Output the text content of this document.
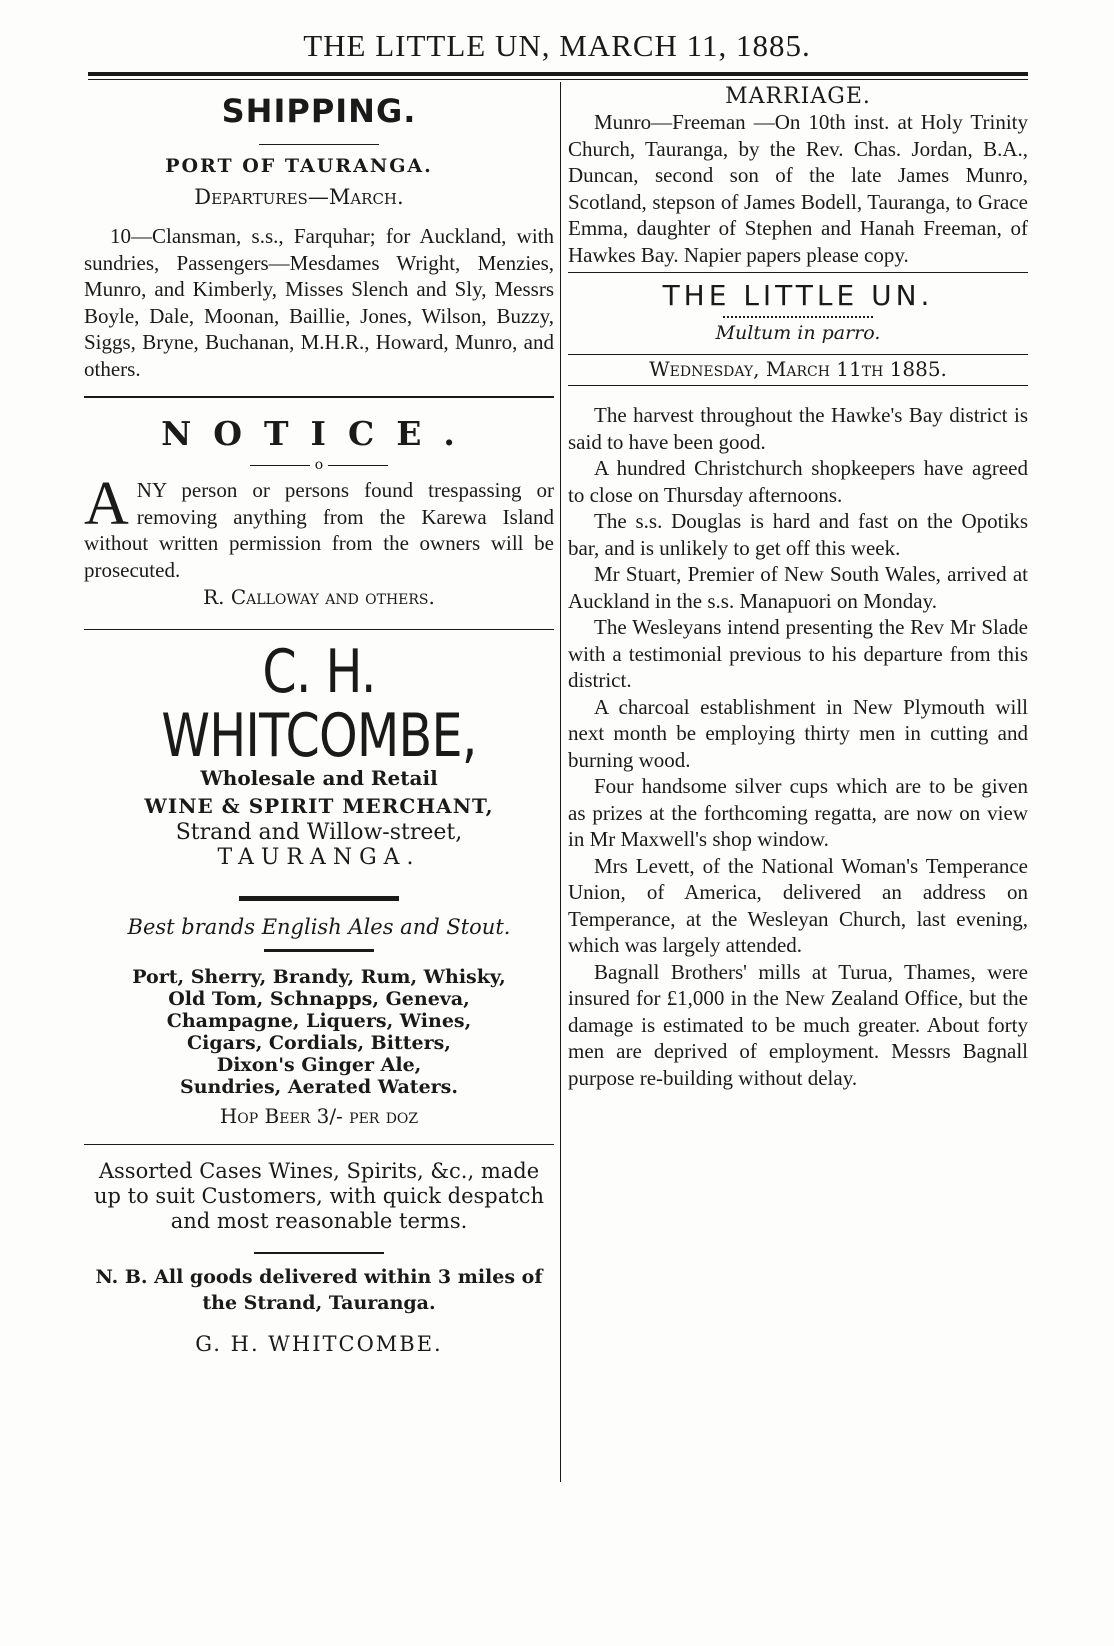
THE LITTLE UN, MARCH 11, 1885.
SHIPPING.
PORT OF TAURANGA.
Departures—March.
10—Clansman, s.s., Farquhar; for Auckland, with sundries, Passengers—Mesdames Wright, Menzies, Munro, and Kimberly, Misses Slench and Sly, Messrs Boyle, Dale, Moonan, Baillie, Jones, Wilson, Buzzy, Siggs, Bryne, Buchanan, M.H.R., Howard, Munro, and others.
NOTICE.
o
ANY person or persons found trespassing or removing anything from the Karewa Island without written permission from the owners will be prosecuted.
R. Calloway and others.
C. H. WHITCOMBE,
Wholesale and Retail
WINE & SPIRIT MERCHANT,
Strand and Willow-street,
TAURANGA.
Best brands English Ales and Stout.
Port, Sherry, Brandy, Rum, Whisky,
Old Tom, Schnapps, Geneva,
Champagne, Liquers, Wines,
Cigars, Cordials, Bitters,
Dixon's Ginger Ale,
Sundries, Aerated Waters.
Hop Beer 3/- per doz
Assorted Cases Wines, Spirits, &c., made up to suit Customers, with quick despatch and most reasonable terms.
N. B. All goods delivered within 3 miles of the Strand, Tauranga.
G. H. WHITCOMBE.
MARRIAGE.
Munro—Freeman —On 10th inst. at Holy Trinity Church, Tauranga, by the Rev. Chas. Jordan, B.A., Duncan, second son of the late James Munro, Scotland, stepson of James Bodell, Tauranga, to Grace Emma, daughter of Stephen and Hanah Freeman, of Hawkes Bay. Napier papers please copy.
THE LITTLE UN.
Multum in parro.
Wednesday, March 11th 1885.

The harvest throughout the Hawke's Bay district is said to have been good.

A hundred Christchurch shopkeepers have agreed to close on Thursday afternoons.

The s.s. Douglas is hard and fast on the Opotiks bar, and is unlikely to get off this week.

Mr Stuart, Premier of New South Wales, arrived at Auckland in the s.s. Manapuori on Monday.

The Wesleyans intend presenting the Rev Mr Slade with a testimonial previous to his departure from this district.

A charcoal establishment in New Plymouth will next month be employing thirty men in cutting and burning wood.

Four handsome silver cups which are to be given as prizes at the forthcoming regatta, are now on view in Mr Maxwell's shop window.

Mrs Levett, of the National Woman's Temperance Union, of America, delivered an address on Temperance, at the Wesleyan Church, last evening, which was largely attended.

Bagnall Brothers' mills at Turua, Thames, were insured for £1,000 in the New Zealand Office, but the damage is estimated to be much greater. About forty men are deprived of employment. Messrs Bagnall purpose re-building without delay.
